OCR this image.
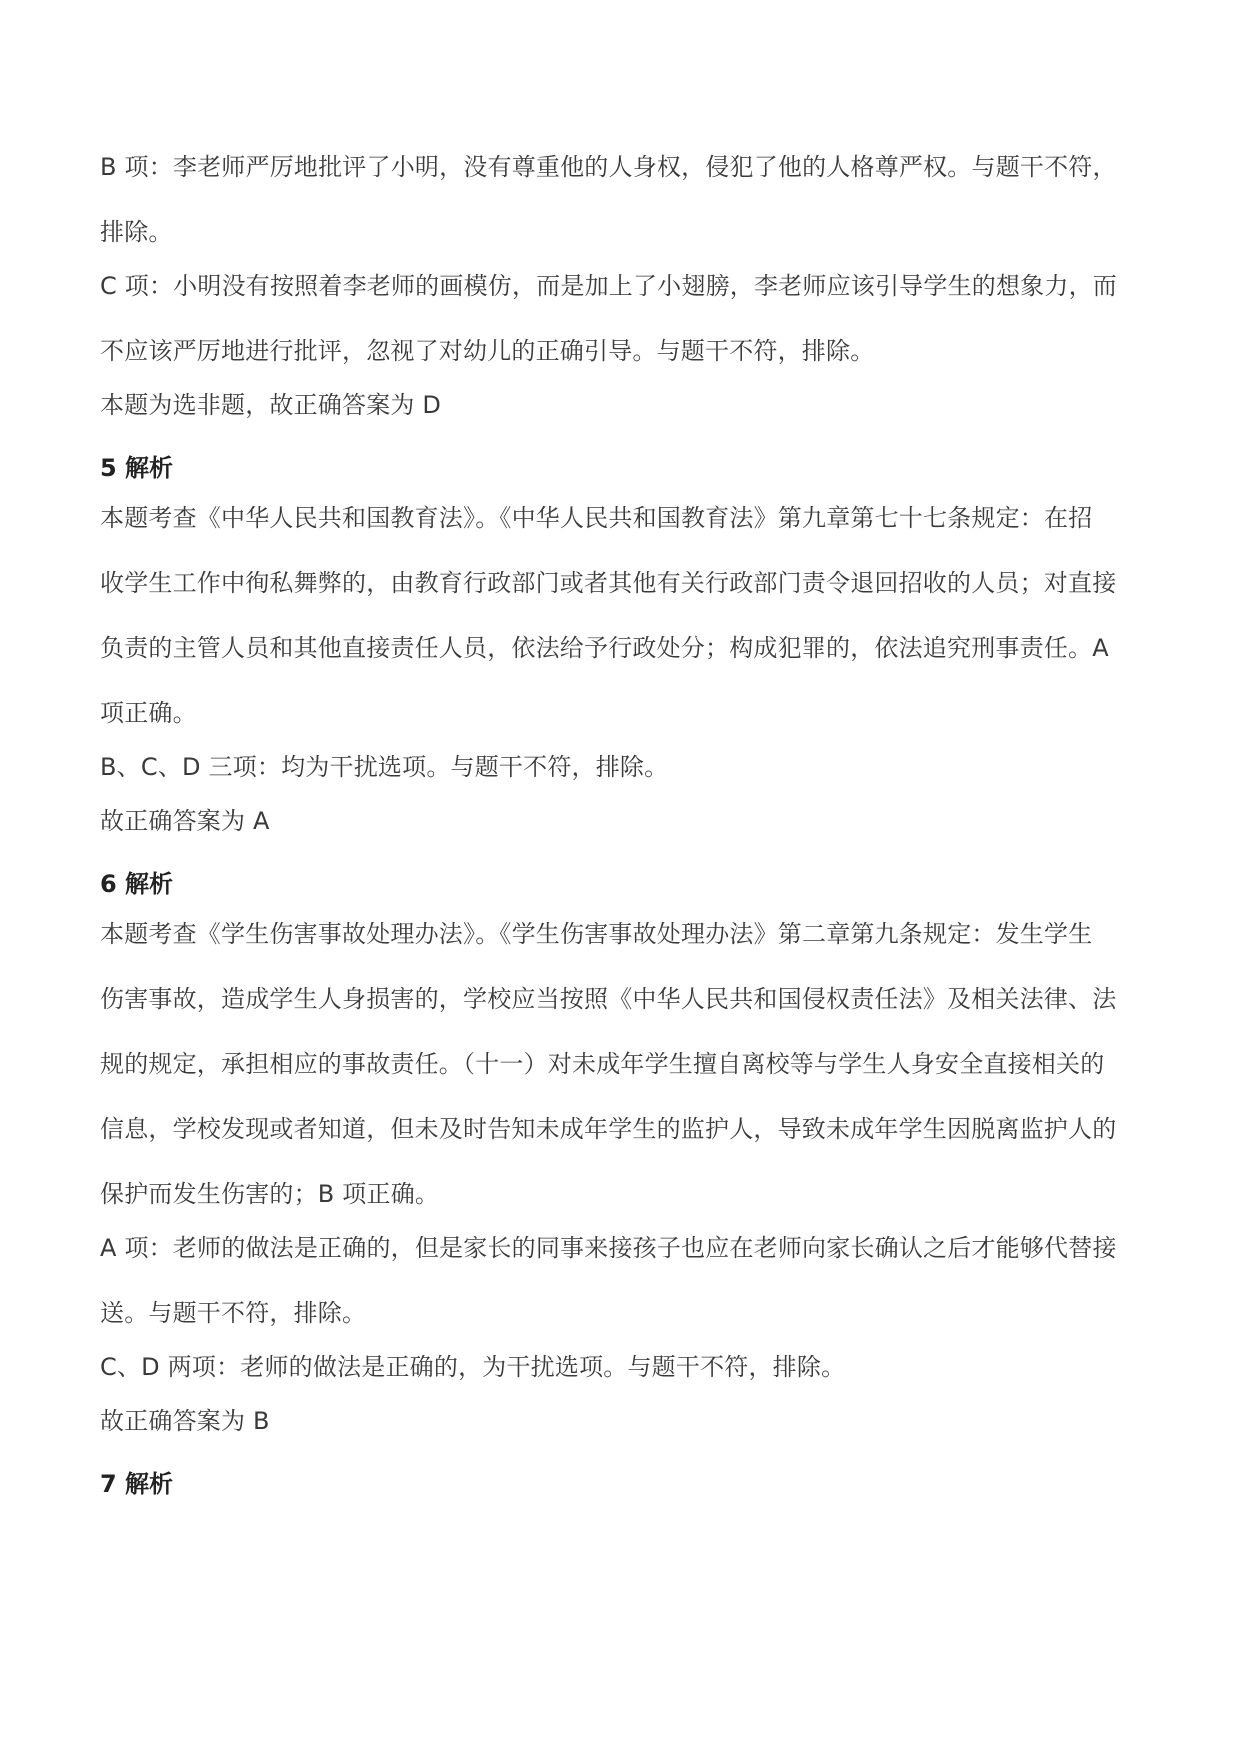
B 项：李老师严厉地批评了小明，没有尊重他的人身权，侵犯了他的人格尊严权。与题干不符，
排除。
C 项：小明没有按照着李老师的画模仿，而是加上了小翅膀，李老师应该引导学生的想象力，而
不应该严厉地进行批评，忽视了对幼儿的正确引导。与题干不符，排除。
本题为选非题，故正确答案为 D
5 解析
本题考查《中华人民共和国教育法》。《中华人民共和国教育法》第九章第七十七条规定：在招
收学生工作中徇私舞弊的，由教育行政部门或者其他有关行政部门责令退回招收的人员；对直接
负责的主管人员和其他直接责任人员，依法给予行政处分；构成犯罪的，依法追究刑事责任。A
项正确。
B、C、D 三项：均为干扰选项。与题干不符，排除。
故正确答案为 A
6 解析
本题考查《学生伤害事故处理办法》。《学生伤害事故处理办法》第二章第九条规定：发生学生
伤害事故，造成学生人身损害的，学校应当按照《中华人民共和国侵权责任法》及相关法律、法
规的规定，承担相应的事故责任。（十一）对未成年学生擅自离校等与学生人身安全直接相关的
信息，学校发现或者知道，但未及时告知未成年学生的监护人，导致未成年学生因脱离监护人的
保护而发生伤害的；B 项正确。
A 项：老师的做法是正确的，但是家长的同事来接孩子也应在老师向家长确认之后才能够代替接
送。与题干不符，排除。
C、D 两项：老师的做法是正确的，为干扰选项。与题干不符，排除。
故正确答案为 B
7 解析
